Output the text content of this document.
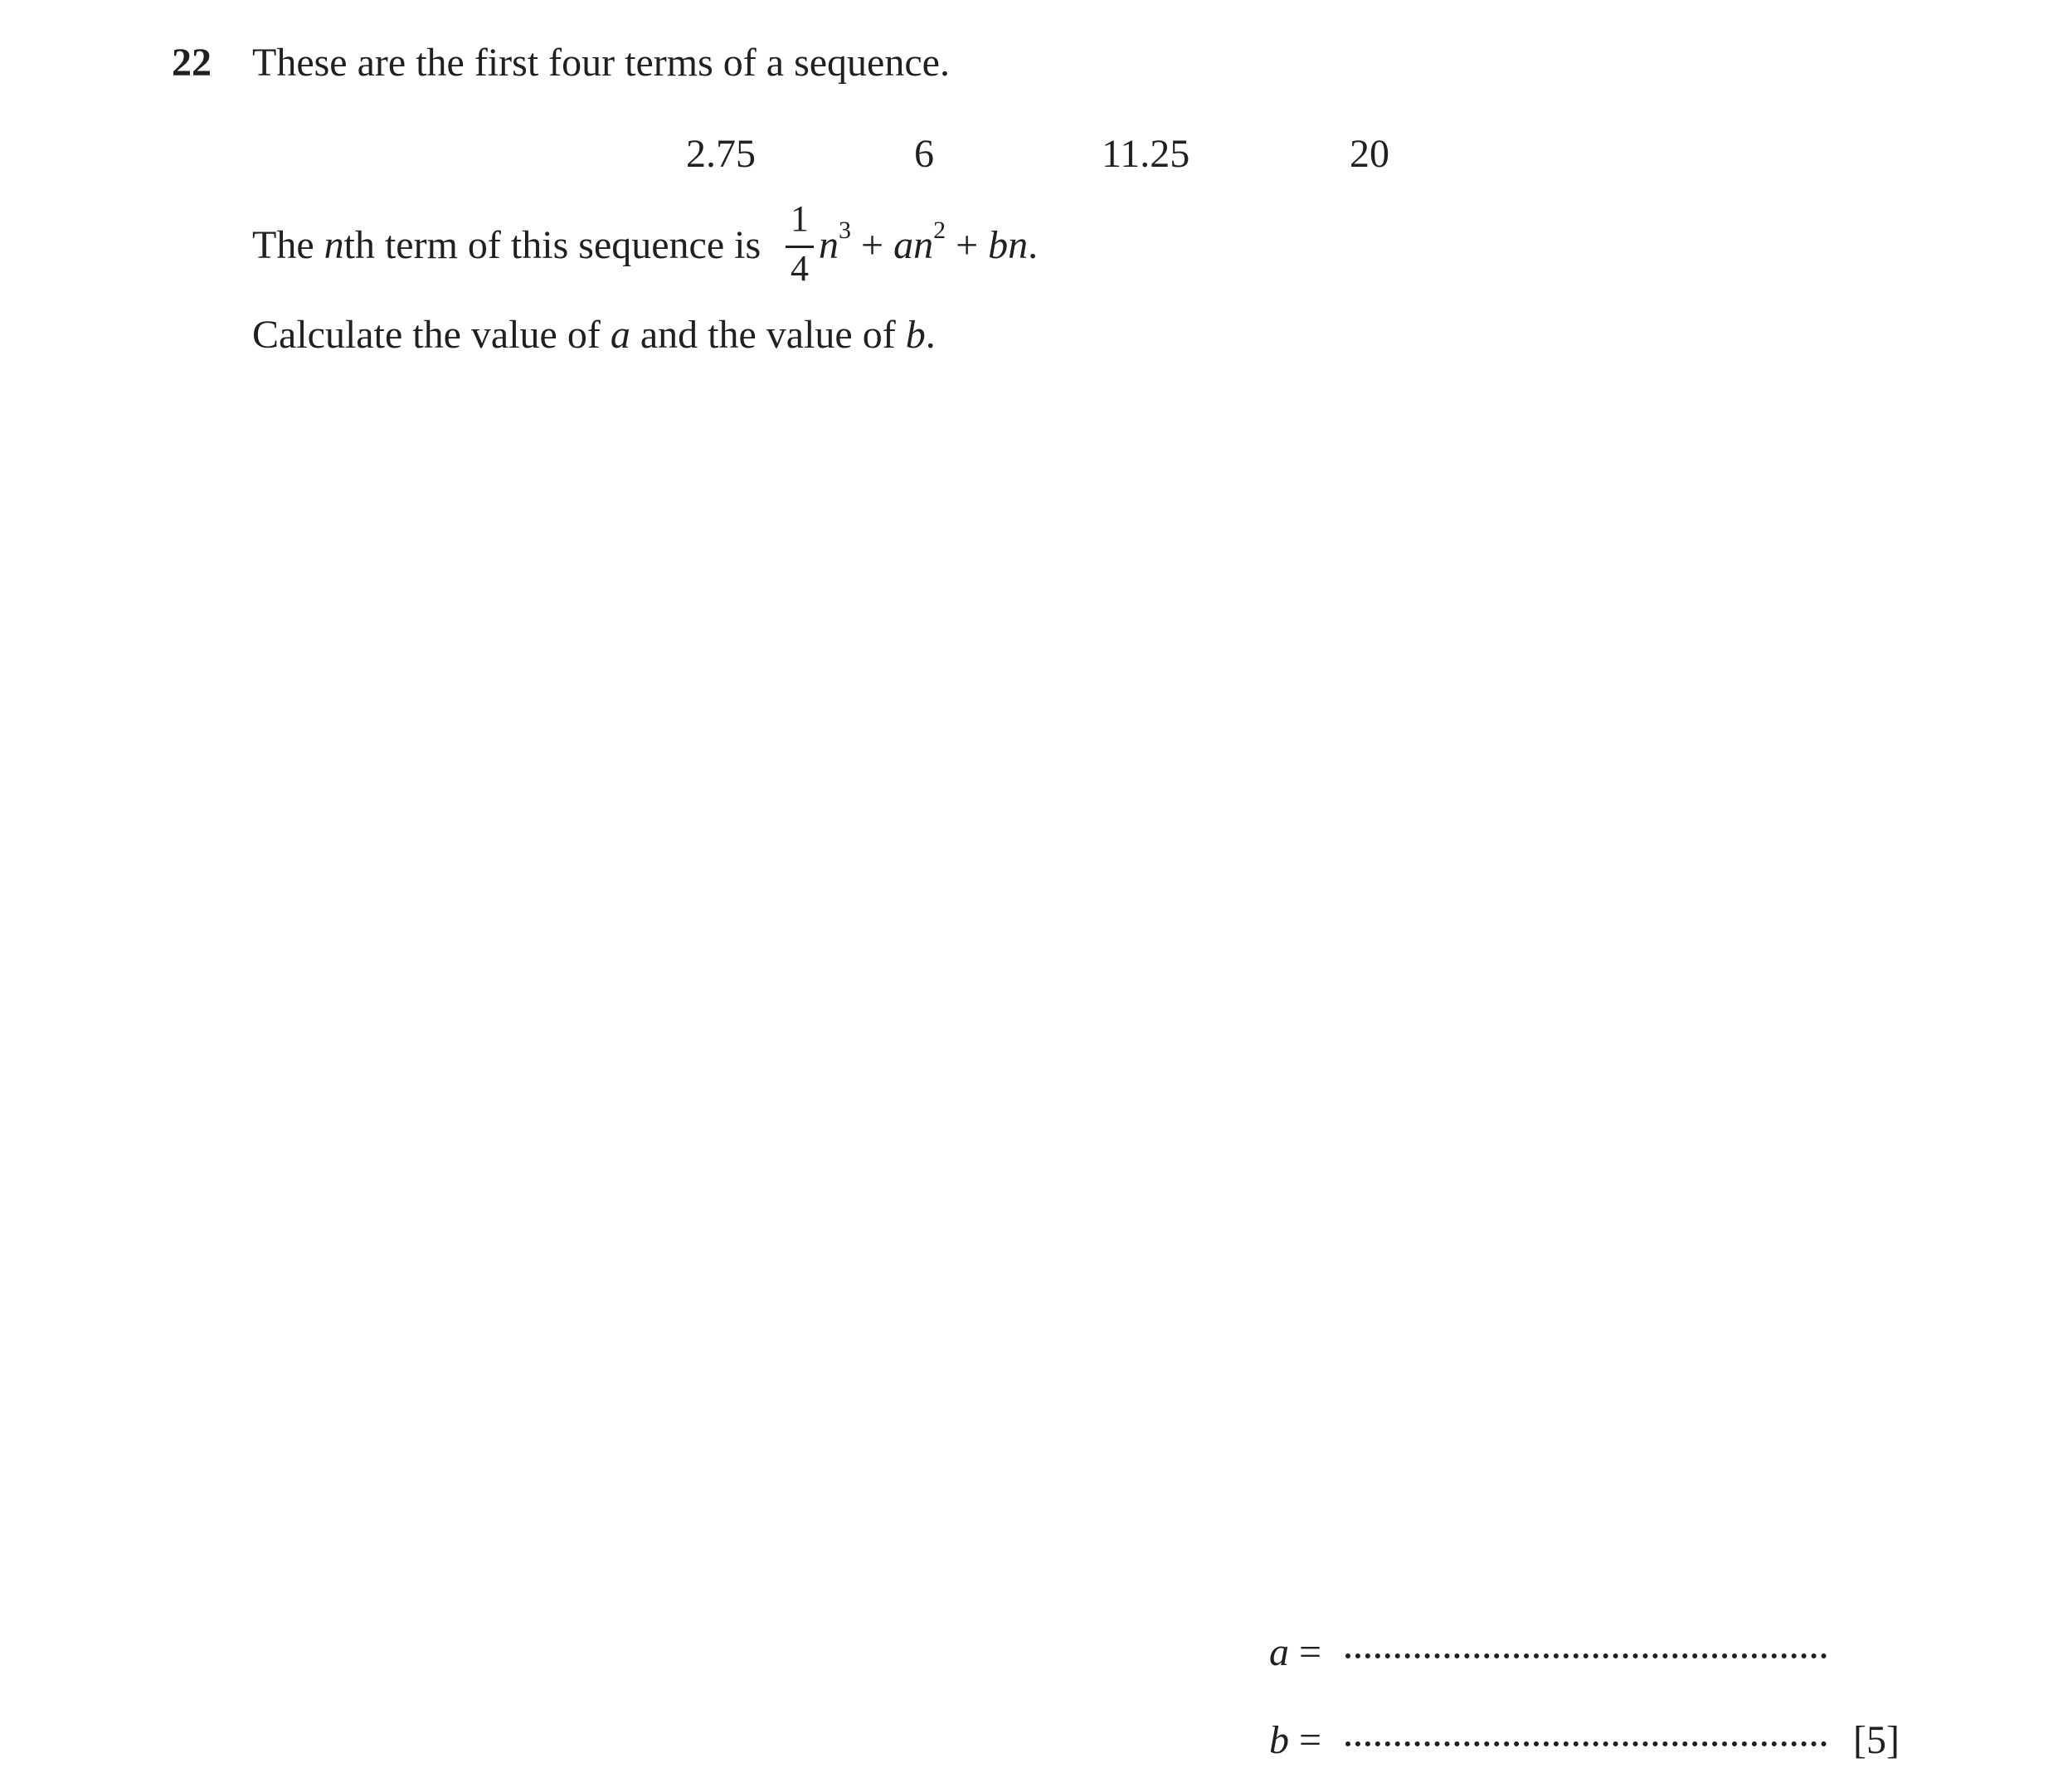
22 These are the first four terms of a sequence.
2.75	6	11.25	20
The nth term of this sequence is
1
4
$n^3 + an^2$ + bn.
Calculate the value of a and the value of b.
a =
b =	[5]
